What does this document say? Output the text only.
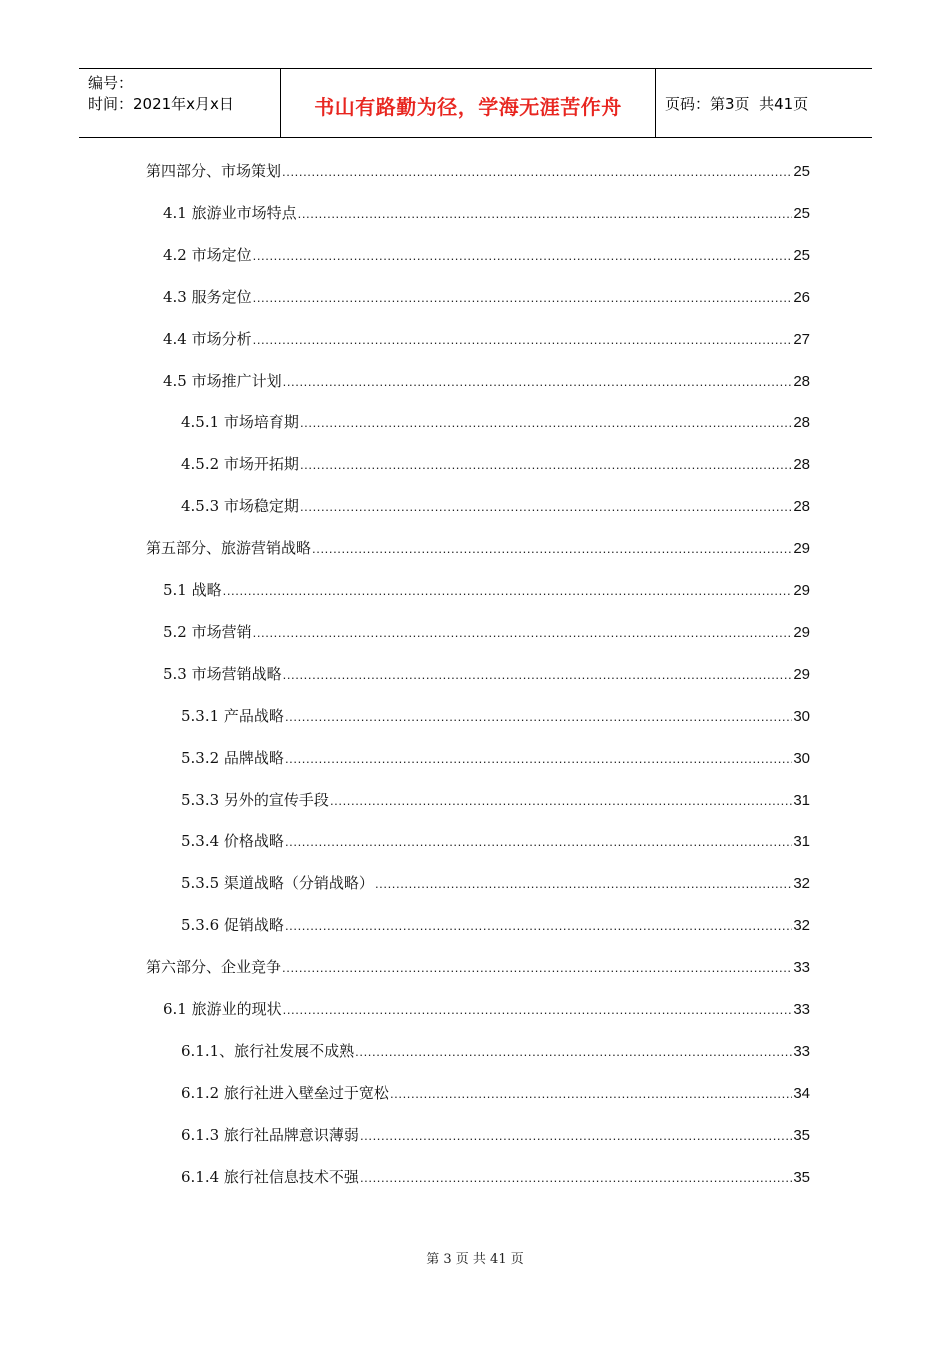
编号：
时间：2021年x月x日	书山有路勤为径，学海无涯苦作舟	页码：第3页  共41页
第四部分、市场策划 .....	25
4.1 旅游业市场特点 .....	25
4.2 市场定位 .....	25
4.3 服务定位 .....	26
4.4 市场分析 .....	27
4.5 市场推广计划 .....	28
4.5.1 市场培育期 .....	28
4.5.2 市场开拓期 .....	28
4.5.3 市场稳定期 .....	28
第五部分、旅游营销战略 .....	29
5.1 战略 .....	29
5.2 市场营销 .....	29
5.3 市场营销战略 .....	29
5.3.1 产品战略 .....	30
5.3.2 品牌战略 .....	30
5.3.3 另外的宣传手段 .....	31
5.3.4 价格战略 .....	31
5.3.5 渠道战略（分销战略） .....	32
5.3.6 促销战略 .....	32
第六部分、企业竞争 .....	33
6.1 旅游业的现状 .....	33
6.1.1、旅行社发展不成熟 .....	33
6.1.2 旅行社进入壁垒过于宽松 .....	34
6.1.3 旅行社品牌意识薄弱 .....	35
6.1.4 旅行社信息技术不强 .....	35
第 3 页 共 41 页
